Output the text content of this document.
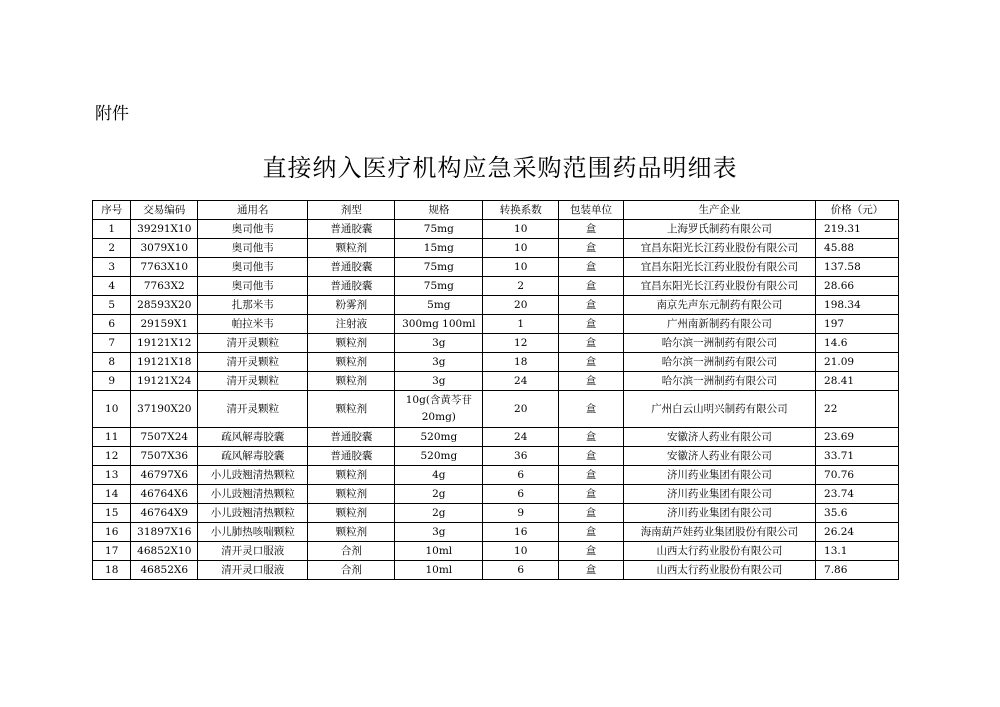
附件
直接纳入医疗机构应急采购范围药品明细表
序号	交易编码	通用名	剂型	规格	转换系数	包装单位	生产企业	价格（元）
1	39291X10	奥司他韦	普通胶囊	75mg	10	盒	上海罗氏制药有限公司	219.31
2	3079X10	奥司他韦	颗粒剂	15mg	10	盒	宜昌东阳光长江药业股份有限公司	45.88
3	7763X10	奥司他韦	普通胶囊	75mg	10	盒	宜昌东阳光长江药业股份有限公司	137.58
4	7763X2	奥司他韦	普通胶囊	75mg	2	盒	宜昌东阳光长江药业股份有限公司	28.66
5	28593X20	扎那米韦	粉雾剂	5mg	20	盒	南京先声东元制药有限公司	198.34
6	29159X1	帕拉米韦	注射液	300mg 100ml	1	盒	广州南新制药有限公司	197
7	19121X12	清开灵颗粒	颗粒剂	3g	12	盒	哈尔滨一洲制药有限公司	14.6
8	19121X18	清开灵颗粒	颗粒剂	3g	18	盒	哈尔滨一洲制药有限公司	21.09
9	19121X24	清开灵颗粒	颗粒剂	3g	24	盒	哈尔滨一洲制药有限公司	28.41
10	37190X20	清开灵颗粒	颗粒剂	10g(含黄芩苷20mg)	20	盒	广州白云山明兴制药有限公司	22
11	7507X24	疏风解毒胶囊	普通胶囊	520mg	24	盒	安徽济人药业有限公司	23.69
12	7507X36	疏风解毒胶囊	普通胶囊	520mg	36	盒	安徽济人药业有限公司	33.71
13	46797X6	小儿豉翘清热颗粒	颗粒剂	4g	6	盒	济川药业集团有限公司	70.76
14	46764X6	小儿豉翘清热颗粒	颗粒剂	2g	6	盒	济川药业集团有限公司	23.74
15	46764X9	小儿豉翘清热颗粒	颗粒剂	2g	9	盒	济川药业集团有限公司	35.6
16	31897X16	小儿肺热咳喘颗粒	颗粒剂	3g	16	盒	海南葫芦娃药业集团股份有限公司	26.24
17	46852X10	清开灵口服液	合剂	10ml	10	盒	山西太行药业股份有限公司	13.1
18	46852X6	清开灵口服液	合剂	10ml	6	盒	山西太行药业股份有限公司	7.86
